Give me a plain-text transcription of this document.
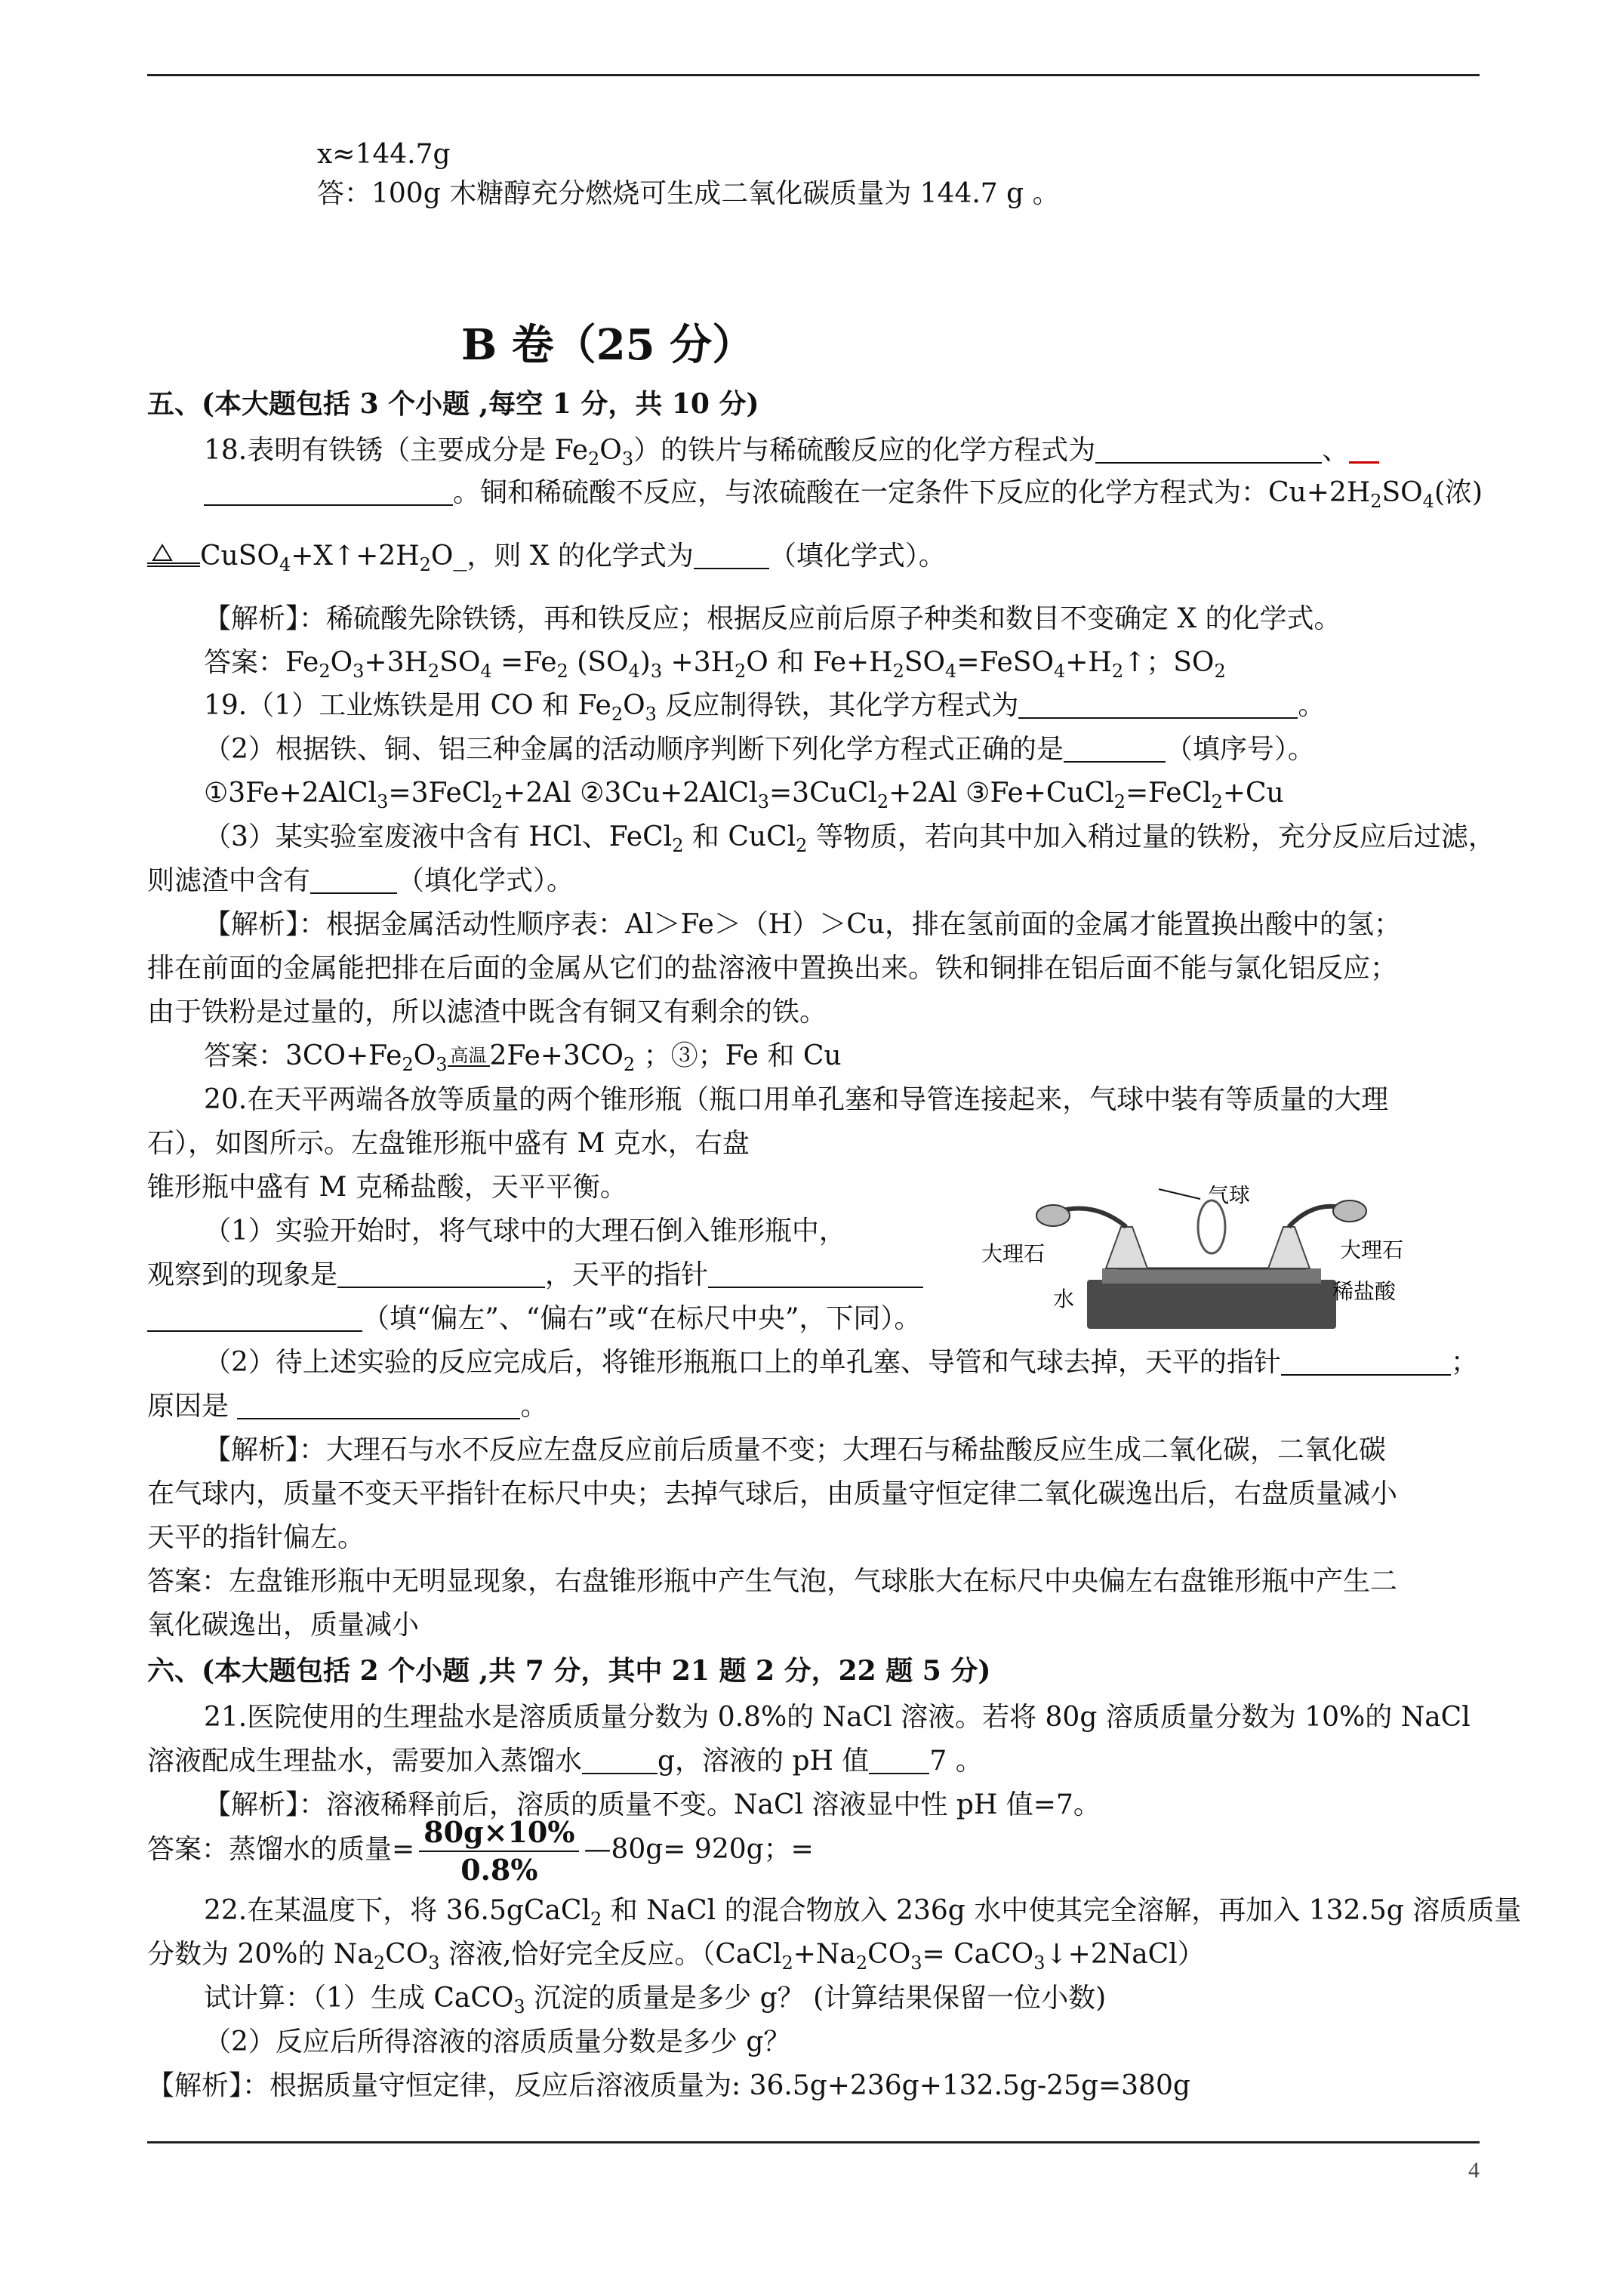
x≈144.7g
答：100g 木糖醇充分燃烧可生成二氧化碳质量为 144.7 g 。
B 卷（25 分）
五、(本大题包括 3 个小题 ,每空 1 分，共 10 分)
18.表明有铁锈（主要成分是 $Fe_2O_3$）的铁片与稀硫酸反应的化学方程式为	、
。铜和稀硫酸不反应，与浓硫酸在一定条件下反应的化学方程式为：$Cu+2H_2SO_4$(浓)
$CuSO_4+X↑+2H_2O\_$，则 X 的化学式为	（填化学式）。
【解析】：稀硫酸先除铁锈，再和铁反应；根据反应前后原子种类和数目不变确定 X 的化学式。
答案：$Fe_2O_3+3H_2SO_4 =Fe_2$ $(SO_4)_3 +3H_2O$ 和 $Fe+H_2SO_4=FeSO_4+H_2↑$；$SO_2$
19.（1）工业炼铁是用 CO 和 $Fe_2O_3$ 反应制得铁，其化学方程式为	。
（2）根据铁、铜、铝三种金属的活动顺序判断下列化学方程式正确的是	（填序号）。
①3Fe+2AlCl$_3$=3FeCl$_2$+2Al ②3Cu+2AlCl$_3$=3CuCl$_2$+2Al ③Fe+CuCl$_2$=FeCl$_2$+Cu
（3）某实验室废液中含有 HCl、FeCl$_2$ 和 CuCl$_2$ 等物质，若向其中加入稍过量的铁粉，充分反应后过滤，
则滤渣中含有	（填化学式）。
【解析】：根据金属活动性顺序表：Al＞Fe＞（H）＞Cu，排在氢前面的金属才能置换出酸中的氢；
排在前面的金属能把排在后面的金属从它们的盐溶液中置换出来。铁和铜排在铝后面不能与氯化铝反应；
由于铁粉是过量的，所以滤渣中既含有铜又有剩余的铁。
答案：$3CO+Fe_2O_3$ 高温 $2Fe+3CO_2$ ；③；Fe 和 Cu
20.在天平两端各放等质量的两个锥形瓶（瓶口用单孔塞和导管连接起来，气球中装有等质量的大理
石），如图所示。左盘锥形瓶中盛有 M 克水，右盘
锥形瓶中盛有 M 克稀盐酸，天平平衡。
（1）实验开始时，将气球中的大理石倒入锥形瓶中，
观察到的现象是	，天平的指针
（填“偏左”、“偏右”或“在标尺中央”，下同）。
（2）待上述实验的反应完成后，将锥形瓶瓶口上的单孔塞、导管和气球去掉，天平的指针	；
原因是	。
【解析】：大理石与水不反应左盘反应前后质量不变；大理石与稀盐酸反应生成二氧化碳，二氧化碳
在气球内，质量不变天平指针在标尺中央；去掉气球后，由质量守恒定律二氧化碳逸出后，右盘质量减小
天平的指针偏左。
答案：左盘锥形瓶中无明显现象，右盘锥形瓶中产生气泡，气球胀大在标尺中央偏左右盘锥形瓶中产生二
氧化碳逸出，质量减小
气球
大理石
水
大理石
稀盐酸
六、(本大题包括 2 个小题 ,共 7 分，其中 21 题 2 分，22 题 5 分)
21.医院使用的生理盐水是溶质质量分数为 0.8%的 NaCl 溶液。若将 80g 溶质质量分数为 10%的 NaCl
溶液配成生理盐水，需要加入蒸馏水	g，溶液的 pH 值 7 。
【解析】：溶液稀释前后，溶质的质量不变。NaCl 溶液显中性 pH 值=7。
答案：蒸馏水的质量= $\frac{80g\times 10\%}{0.8\%}$ —80g= 920g；=
22.在某温度下，将 36.5gCaCl$_2$ 和 NaCl 的混合物放入 236g 水中使其完全溶解，再加入 132.5g 溶质质量
分数为 20%的 $Na_2CO_3$ 溶液,恰好完全反应。（$CaCl_2+Na_2CO_3=$ CaCO$_3$↓+2NaCl）
试计算：（1）生成 CaCO$_3$ 沉淀的质量是多少 g？ (计算结果保留一位小数)
（2）反应后所得溶液的溶质质量分数是多少 g？
【解析】：根据质量守恒定律，反应后溶液质量为: 36.5g+236g+132.5g-25g=380g
4
